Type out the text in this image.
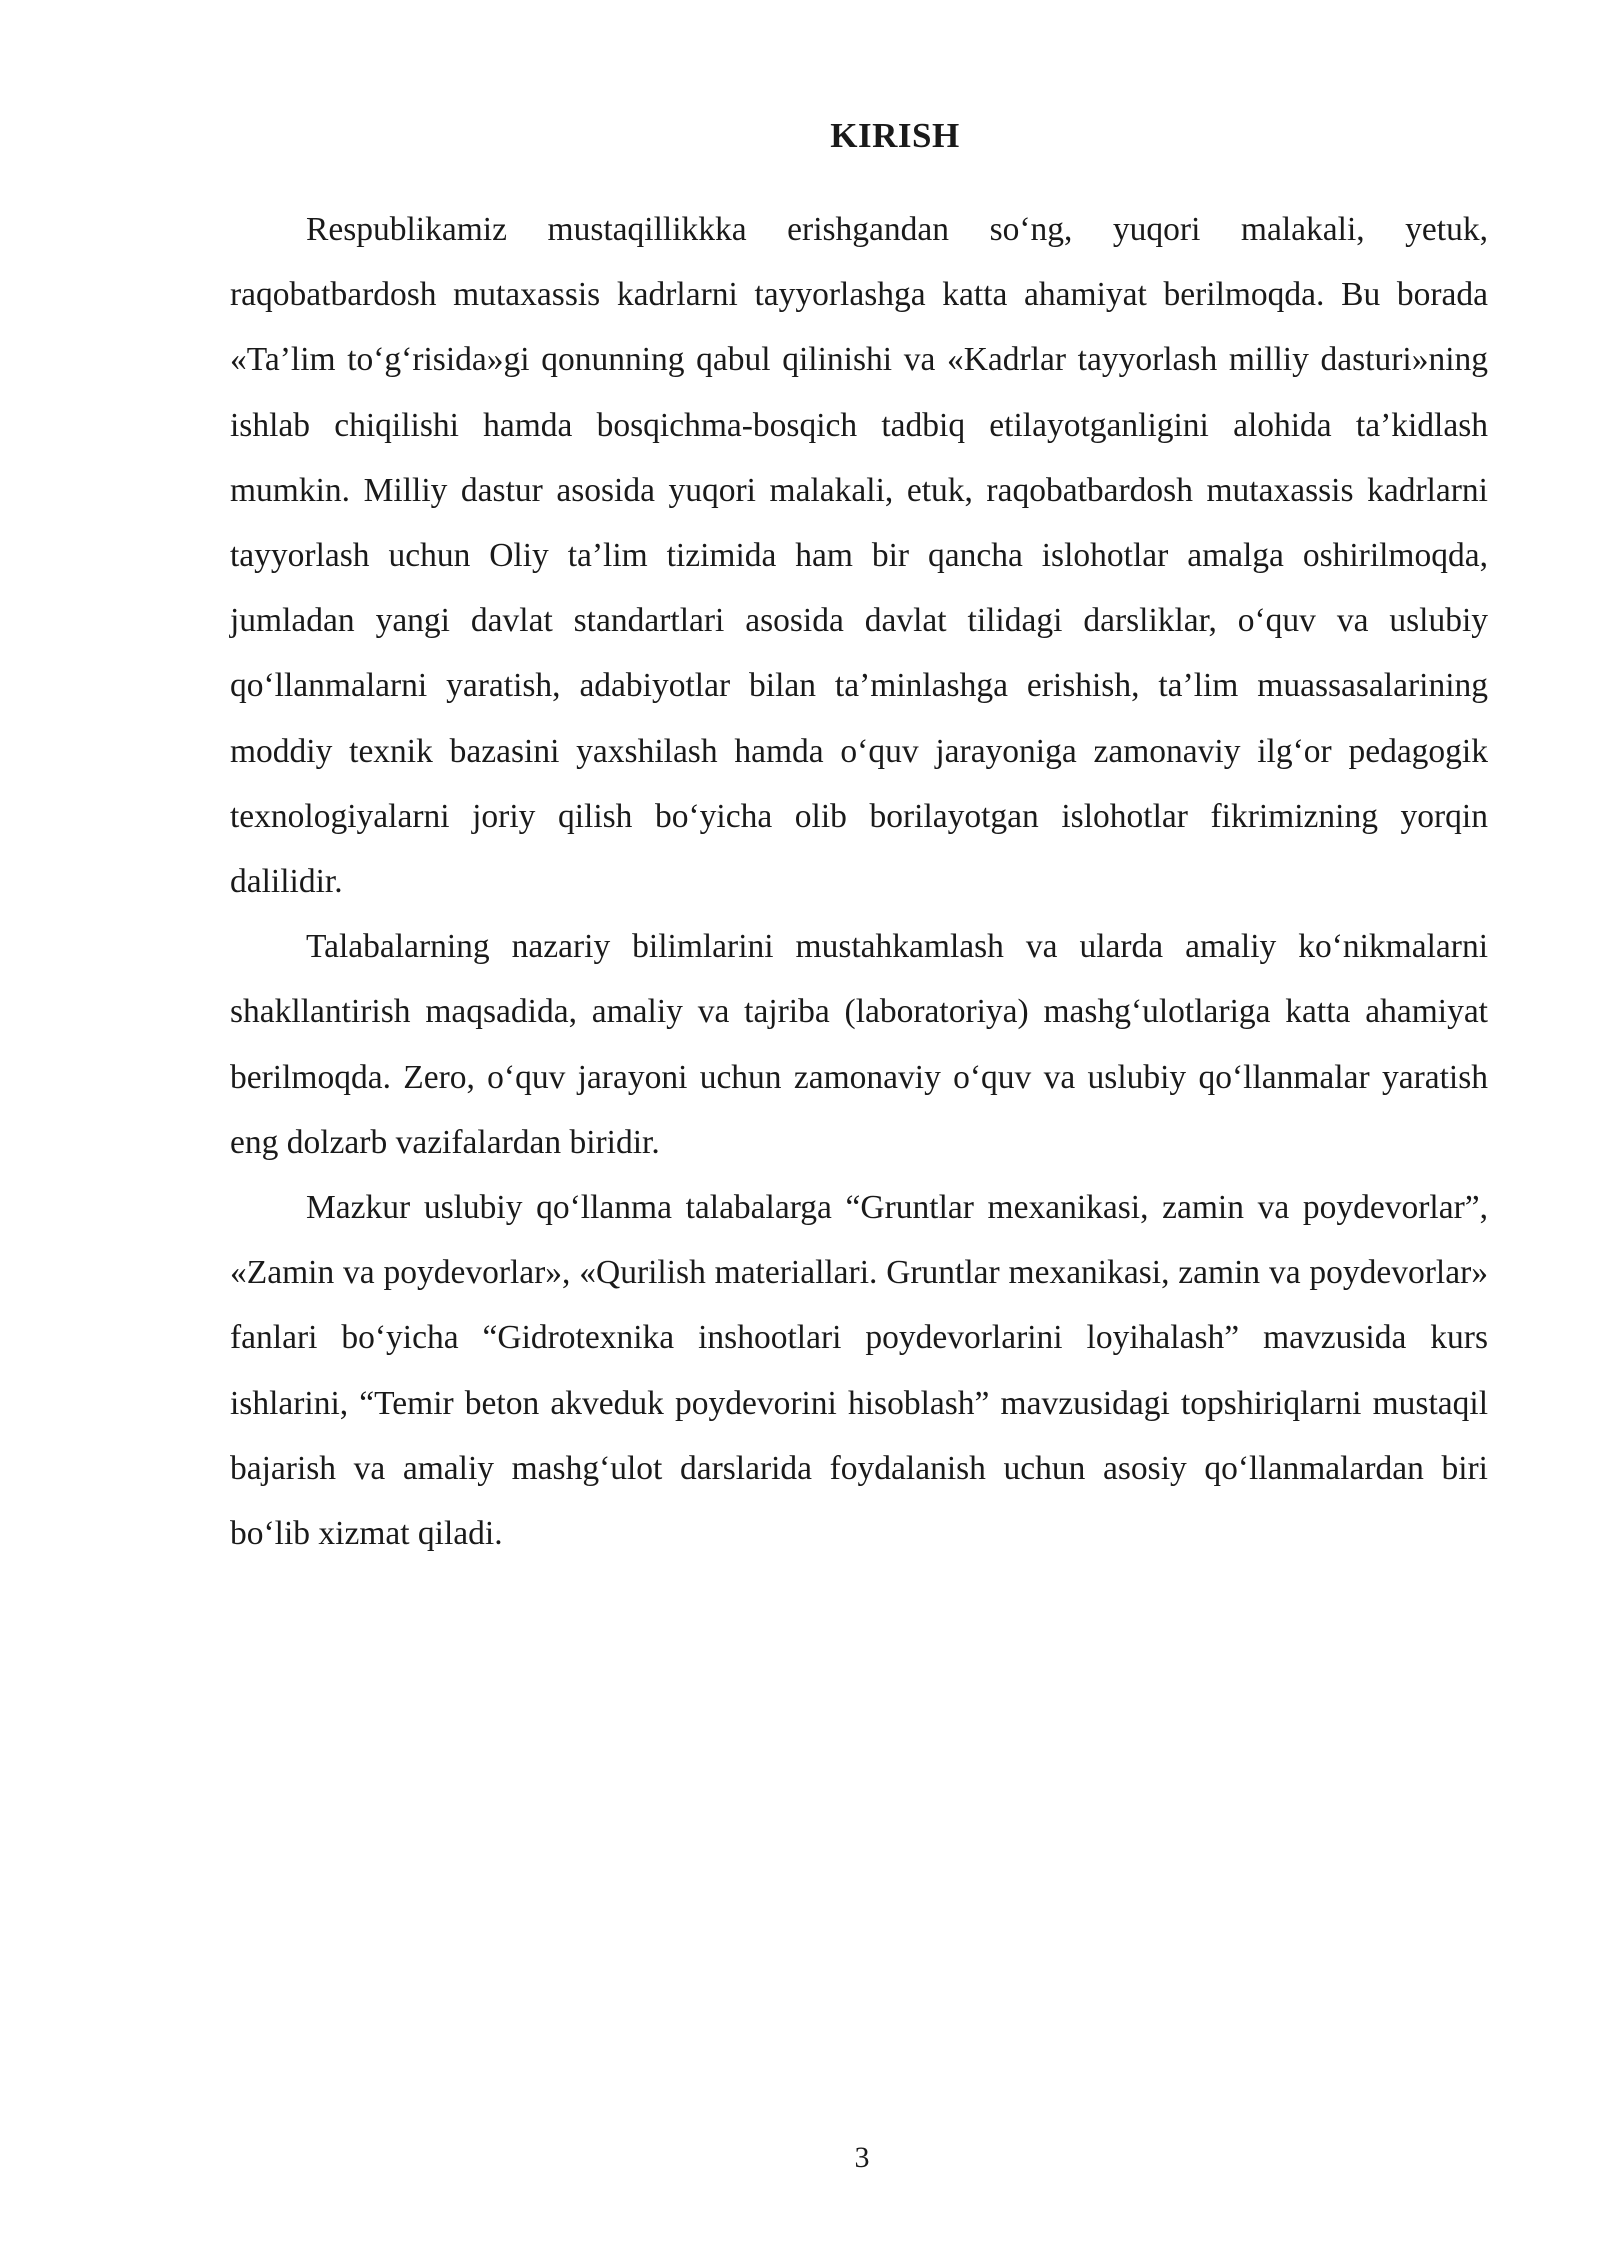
KIRISH

Respublikamiz mustaqillikkka erishgandan so‘ng, yuqori malakali, yetuk, raqobatbardosh mutaxassis kadrlarni tayyorlashga katta ahamiyat berilmoqda. Bu borada «Ta’lim to‘g‘risida»gi qonunning qabul qilinishi va «Kadrlar tayyorlash milliy dasturi»ning ishlab chiqilishi hamda bosqichma-bosqich tadbiq etilayotganligini alohida ta’kidlash mumkin. Milliy dastur asosida yuqori malakali, etuk, raqobatbardosh mutaxassis kadrlarni tayyorlash uchun Oliy ta’lim tizimida ham bir qancha islohotlar amalga oshirilmoqda, jumladan yangi davlat standartlari asosida davlat tilidagi darsliklar, o‘quv va uslubiy qo‘llanmalarni yaratish, adabiyotlar bilan ta’minlashga erishish, ta’lim muassasalarining moddiy texnik bazasini yaxshilash hamda o‘quv jarayoniga zamonaviy ilg‘or pedagogik texnologiyalarni joriy qilish bo‘yicha olib borilayotgan islohotlar fikrimizning yorqin dalilidir.

Talabalarning nazariy bilimlarini mustahkamlash va ularda amaliy ko‘nikmalarni shakllantirish maqsadida, amaliy va tajriba (laboratoriya) mashg‘ulotlariga katta ahamiyat berilmoqda. Zero, o‘quv jarayoni uchun zamonaviy o‘quv va uslubiy qo‘llanmalar yaratish eng dolzarb vazifalardan biridir.

Mazkur uslubiy qo‘llanma talabalarga “Gruntlar mexanikasi, zamin va poydevorlar”, «Zamin va poydevorlar», «Qurilish materiallari. Gruntlar mexanikasi, zamin va poydevorlar» fanlari bo‘yicha “Gidrotexnika inshootlari poydevorlarini loyihalash” mavzusida kurs ishlarini, “Temir beton akveduk poydevorini hisoblash” mavzusidagi topshiriqlarni mustaqil bajarish va amaliy mashg‘ulot darslarida foydalanish uchun asosiy qo‘llanmalardan biri bo‘lib xizmat qiladi.

3
